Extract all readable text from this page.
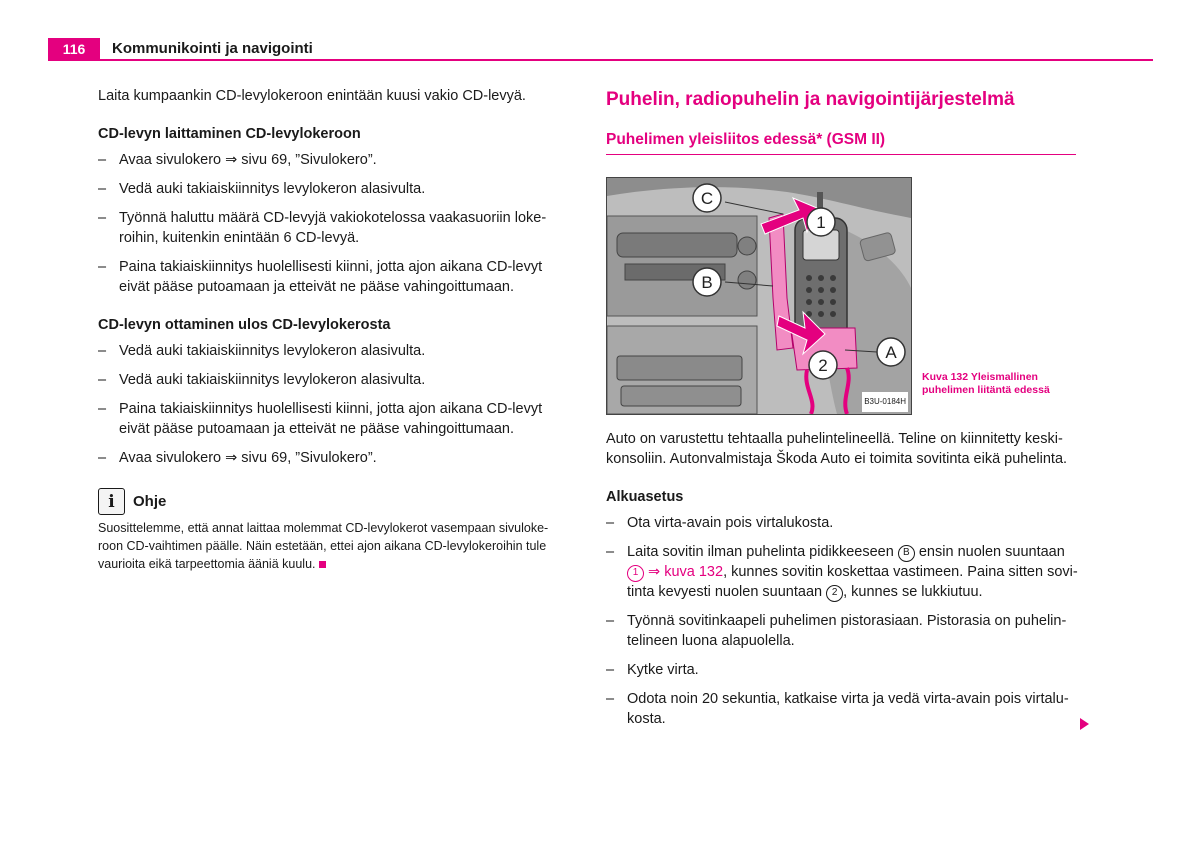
116	Kommunikointi ja navigointi

Laita kumpaankin CD-levylokeroon enintään kuusi vakio CD-levyä.

CD-levyn laittaminen CD-levylokeroon

– Avaa sivulokero ⇒ sivu 69, ”Sivulokero”.
– Vedä auki takiaiskiinnitys levylokeron alasivulta.
– Työnnä haluttu määrä CD-levyjä vakiokotelossa vaakasuoriin lokeroihin, kuitenkin enintään 6 CD-levyä.
– Paina takiaiskiinnitys huolellisesti kiinni, jotta ajon aikana CD-levyt eivät pääse putoamaan ja etteivät ne pääse vahingoittumaan.

CD-levyn ottaminen ulos CD-levylokerosta

– Vedä auki takiaiskiinnitys levylokeron alasivulta.
– Vedä auki takiaiskiinnitys levylokeron alasivulta.
– Paina takiaiskiinnitys huolellisesti kiinni, jotta ajon aikana CD-levyt eivät pääse putoamaan ja etteivät ne pääse vahingoittumaan.
– Avaa sivulokero ⇒ sivu 69, ”Sivulokero”.
i	Ohje

Suosittelemme, että annat laittaa molemmat CD-levylokerot vasempaan sivulokeroon CD-vaihtimen päälle. Näin estetään, ettei ajon aikana CD-levylokeroihin tule vaurioita eikä tarpeettomia ääniä kuulu.

Puhelin, radiopuhelin ja navigointijärjestelmä
Puhelimen yleisliitos edessä* (GSM II)
C
B
1
2
A
B3U-0184H
Kuva 132 Yleismallinen puhelimen liitäntä edessä

Auto on varustettu tehtaalla puhelintelineellä. Teline on kiinnitetty keskikonsoliin. Autonvalmistaja Škoda Auto ei toimita sovitinta eikä puhelinta.

Alkuasetus

– Ota virta-avain pois virtalukosta.
– Laita sovitin ilman puhelinta pidikkeeseen B ensin nuolen suuntaan 1 ⇒ kuva 132, kunnes sovitin koskettaa vastimeen. Paina sitten sovitinta kevyesti nuolen suuntaan 2 , kunnes se lukkiutuu.
– Työnnä sovitinkaapeli puhelimen pistorasiaan. Pistorasia on puhelintelineen luona alapuolella.
– Kytke virta.
– Odota noin 20 sekuntia, katkaise virta ja vedä virta-avain pois virtalukosta.
